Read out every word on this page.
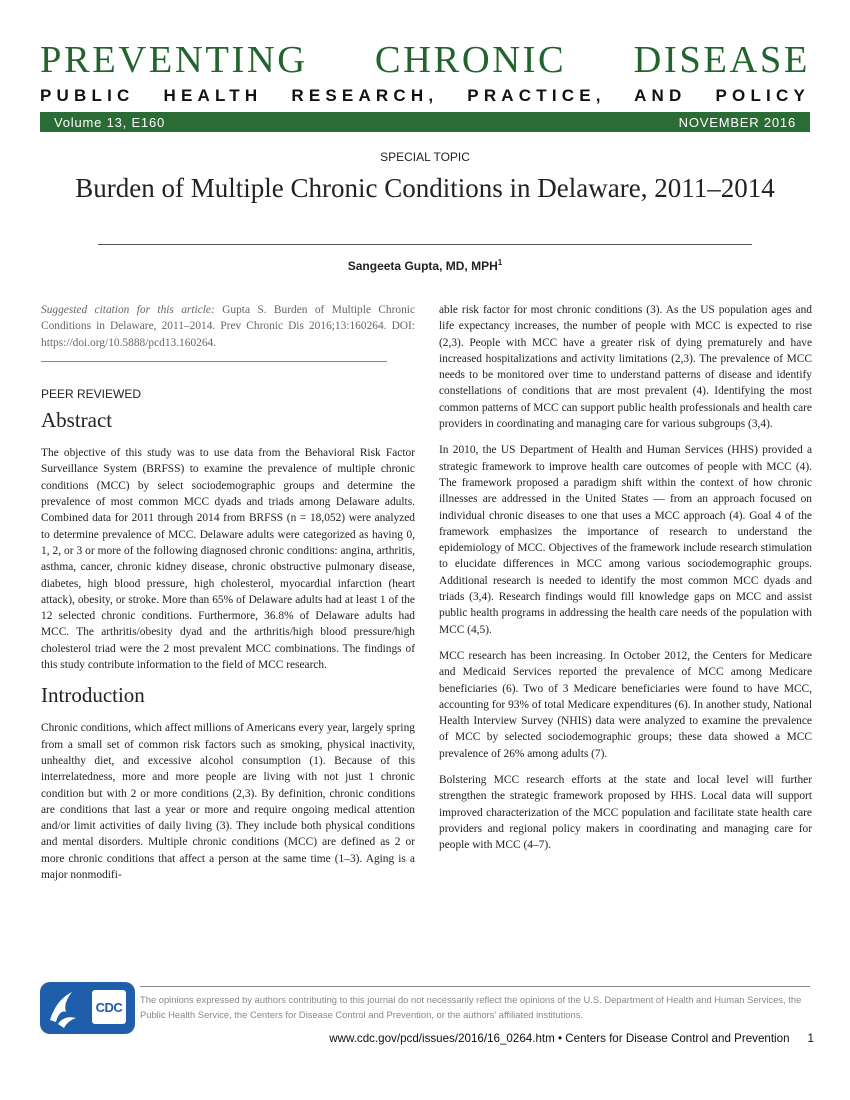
PREVENTING CHRONIC DISEASE
PUBLIC HEALTH RESEARCH, PRACTICE, AND POLICY
Volume 13, E160	NOVEMBER 2016
SPECIAL TOPIC
Burden of Multiple Chronic Conditions in Delaware, 2011–2014
Sangeeta Gupta, MD, MPH$^1$

Suggested citation for this article: Gupta S. Burden of Multiple Chronic Conditions in Delaware, 2011–2014. Prev Chronic Dis 2016;13:160264. DOI: https://doi.org/10.5888/pcd13.160264.

PEER REVIEWED
Abstract

The objective of this study was to use data from the Behavioral Risk Factor Surveillance System (BRFSS) to examine the prevalence of multiple chronic conditions (MCC) by select sociodemographic groups and determine the prevalence of most common MCC dyads and triads among Delaware adults. Combined data for 2011 through 2014 from BRFSS (n = 18,052) were analyzed to determine prevalence of MCC. Delaware adults were categorized as having 0, 1, 2, or 3 or more of the following diagnosed chronic conditions: angina, arthritis, asthma, cancer, chronic kidney disease, chronic obstructive pulmonary disease, diabetes, high blood pressure, high cholesterol, myocardial infarction (heart attack), obesity, or stroke. More than 65% of Delaware adults had at least 1 of the 12 selected chronic conditions. Furthermore, 36.8% of Delaware adults had MCC. The arthritis/obesity dyad and the arthritis/high blood pressure/high cholesterol triad were the 2 most prevalent MCC combinations. The findings of this study contribute information to the field of MCC research.

Introduction

Chronic conditions, which affect millions of Americans every year, largely spring from a small set of common risk factors such as smoking, physical inactivity, unhealthy diet, and excessive alcohol consumption (1). Because of this interrelatedness, more and more people are living with not just 1 chronic condition but with 2 or more conditions (2,3). By definition, chronic conditions are conditions that last a year or more and require ongoing medical attention and/or limit activities of daily living (3). They include both physical conditions and mental disorders. Multiple chronic conditions (MCC) are defined as 2 or more chronic conditions that affect a person at the same time (1–3). Aging is a major nonmodifi-

able risk factor for most chronic conditions (3). As the US population ages and life expectancy increases, the number of people with MCC is expected to rise (2,3). People with MCC have a greater risk of dying prematurely and have increased hospitalizations and activity limitations (2,3). The prevalence of MCC needs to be monitored over time to understand patterns of disease and identify constellations of conditions that are most prevalent (4). Identifying the most common patterns of MCC can support public health professionals and health care providers in coordinating and managing care for various subgroups (3,4).

In 2010, the US Department of Health and Human Services (HHS) provided a strategic framework to improve health care outcomes of people with MCC (4). The framework proposed a paradigm shift within the context of how chronic illnesses are addressed in the United States — from an approach focused on individual chronic diseases to one that uses a MCC approach (4). Goal 4 of the framework emphasizes the importance of research to understand the epidemiology of MCC. Objectives of the framework include research stimulation to elucidate differences in MCC among various sociodemographic groups. Additional research is needed to identify the most common MCC dyads and triads (3,4). Research findings would fill knowledge gaps on MCC and assist public health programs in addressing the health care needs of the population with MCC (4,5).

MCC research has been increasing. In October 2012, the Centers for Medicare and Medicaid Services reported the prevalence of MCC among Medicare beneficiaries (6). Two of 3 Medicare beneficiaries were found to have MCC, accounting for 93% of total Medicare expenditures (6). In another study, National Health Interview Survey (NHIS) data were analyzed to examine the prevalence of MCC by selected sociodemographic groups; these data showed a MCC prevalence of 26% among adults (7).

Bolstering MCC research efforts at the state and local level will further strengthen the strategic framework proposed by HHS. Local data will support improved characterization of the MCC population and facilitate state health care providers and regional policy makers in coordinating and managing care for people with MCC (4–7).

CDC	The opinions expressed by authors contributing to this journal do not necessarily reflect the opinions of the U.S. Department of Health and Human Services, the Public Health Service, the Centers for Disease Control and Prevention, or the authors' affiliated institutions.
www.cdc.gov/pcd/issues/2016/16_0264.htm • Centers for Disease Control and Prevention 1
